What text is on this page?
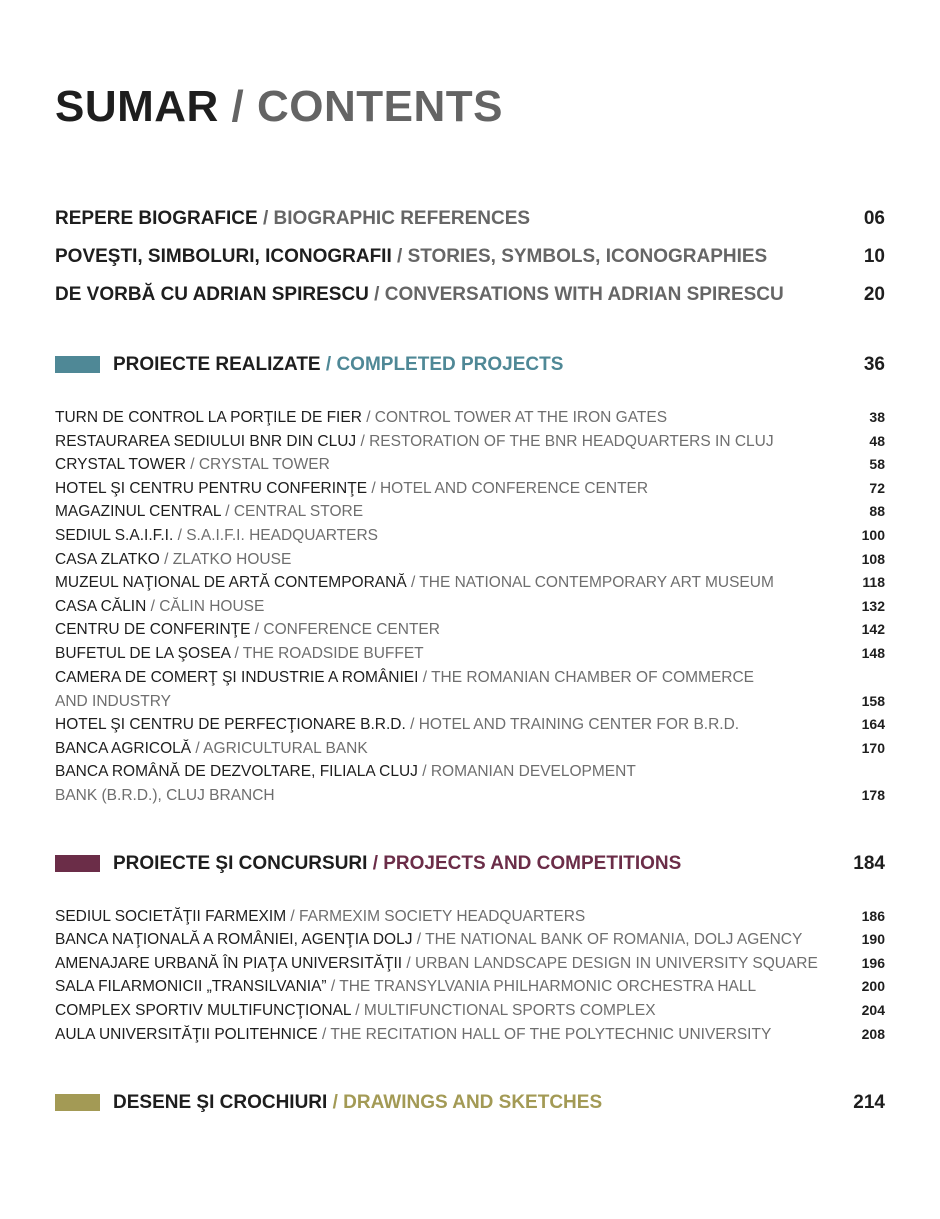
SUMAR / CONTENTS
REPERE BIOGRAFICE / BIOGRAPHIC REFERENCES	06
POVEŞTI, SIMBOLURI, ICONOGRAFII / STORIES, SYMBOLS, ICONOGRAPHIES	10
DE VORBĂ CU ADRIAN SPIRESCU / CONVERSATIONS WITH ADRIAN SPIRESCU	20
PROIECTE REALIZATE / COMPLETED PROJECTS	36
TURN DE CONTROL LA PORŢILE DE FIER / CONTROL TOWER AT THE IRON GATES	38
RESTAURAREA SEDIULUI BNR DIN CLUJ / RESTORATION OF THE BNR HEADQUARTERS IN CLUJ	48
CRYSTAL TOWER / CRYSTAL TOWER	58
HOTEL ŞI CENTRU PENTRU CONFERINŢE / HOTEL AND CONFERENCE CENTER	72
MAGAZINUL CENTRAL / CENTRAL STORE	88
SEDIUL S.A.I.F.I. / S.A.I.F.I. HEADQUARTERS	100
CASA ZLATKO / ZLATKO HOUSE	108
MUZEUL NAŢIONAL DE ARTĂ CONTEMPORANĂ / THE NATIONAL CONTEMPORARY ART MUSEUM	118
CASA CĂLIN / CĂLIN HOUSE	132
CENTRU DE CONFERINŢE / CONFERENCE CENTER	142
BUFETUL DE LA ŞOSEA / THE ROADSIDE BUFFET	148
CAMERA DE COMERŢ ŞI INDUSTRIE A ROMÂNIEI / THE ROMANIAN CHAMBER OF COMMERCE
AND INDUSTRY	158
HOTEL ŞI CENTRU DE PERFECŢIONARE B.R.D. / HOTEL AND TRAINING CENTER FOR B.R.D.	164
BANCA AGRICOLĂ / AGRICULTURAL BANK	170
BANCA ROMÂNĂ DE DEZVOLTARE, FILIALA CLUJ / ROMANIAN DEVELOPMENT
BANK (B.R.D.), CLUJ BRANCH	178
PROIECTE ŞI CONCURSURI / PROJECTS AND COMPETITIONS	184
SEDIUL SOCIETĂŢII FARMEXIM / FARMEXIM SOCIETY HEADQUARTERS	186
BANCA NAŢIONALĂ A ROMÂNIEI, AGENŢIA DOLJ / THE NATIONAL BANK OF ROMANIA, DOLJ AGENCY	190
AMENAJARE URBANĂ ÎN PIAŢA UNIVERSITĂŢII / URBAN LANDSCAPE DESIGN IN UNIVERSITY SQUARE	196
SALA FILARMONICII „TRANSILVANIA” / THE TRANSYLVANIA PHILHARMONIC ORCHESTRA HALL	200
COMPLEX SPORTIV MULTIFUNCŢIONAL / MULTIFUNCTIONAL SPORTS COMPLEX	204
AULA UNIVERSITĂŢII POLITEHNICE / THE RECITATION HALL OF THE POLYTECHNIC UNIVERSITY	208
DESENE ŞI CROCHIURI / DRAWINGS AND SKETCHES	214
